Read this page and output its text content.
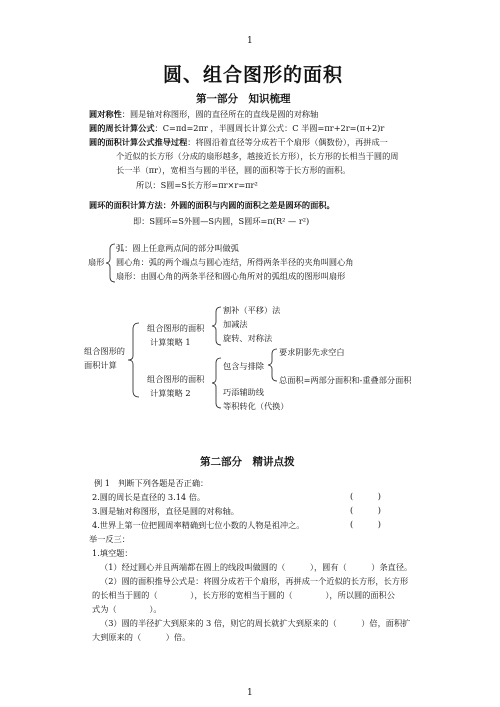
1
1
圆、组合图形的面积
第一部分　知识梳理
圆对称性：圆是轴对称图形，圆的直径所在的直线是圆的对称轴
圆的周长计算公式：C=πd=2πr ，半圆周长计算公式：C 半圆=πr+2r=(π+2)r
圆的面积计算公式推导过程：将圆沿着直径等分成若干个扇形（偶数份），再拼成一
个近似的长方形（分成的扇形越多，越接近长方形），长方形的长相当于圆的周
长一半（πr），宽相当与圆的半径，圆的面积等于长方形的面积。
所以：S圆=S长方形=πr×r=πr²
圆环的面积计算方法：外圆的面积与内圆的面积之差是圆环的面积。
即：S圆环=S外圆—S内圆，S圆环=π(R² — r²)
扇形
弧：圆上任意两点间的部分叫做弧
圆心角：弧的两个端点与圆心连结，所得两条半径的夹角叫圆心角
扇形：由圆心角的两条半径和圆心角所对的弧组成的图形叫扇形
组合图形的
面积计算
组合图形的面积
计算策略 1
割补（平移）法
加减法
旋转、对称法
组合图形的面积
计算策略 2
包含与排除
要求阴影先求空白
总面积=两部分面积和-重叠部分面积
巧添辅助线
等积转化（代换）
第二部分　精讲点拨
例 1　判断下列各题是否正确：
2.圆的周长是直径的 3.14 倍。
3.圆是轴对称图形，直径是圆的对称轴。
4.世界上第一位把圆周率精确到七位小数的人物是祖冲之。
(　　　)
(　　　)
(　　　)
举一反三：
1.填空题：
（1）经过圆心并且两端都在圆上的线段叫做圆的（　　　），圆有（　　　）条直径。
（2）圆的面积推导公式是：将圆分成若干个扇形，再拼成一个近似的长方形，长方形
的长相当于圆的（　　　　），长方形的宽相当于圆的（　　　　），所以圆的面积公
式为（　　　　）。
（3）圆的半径扩大到原来的 3 倍，则它的周长就扩大到原来的（　　　）倍，面积扩
大到原来的（　　　）倍。
